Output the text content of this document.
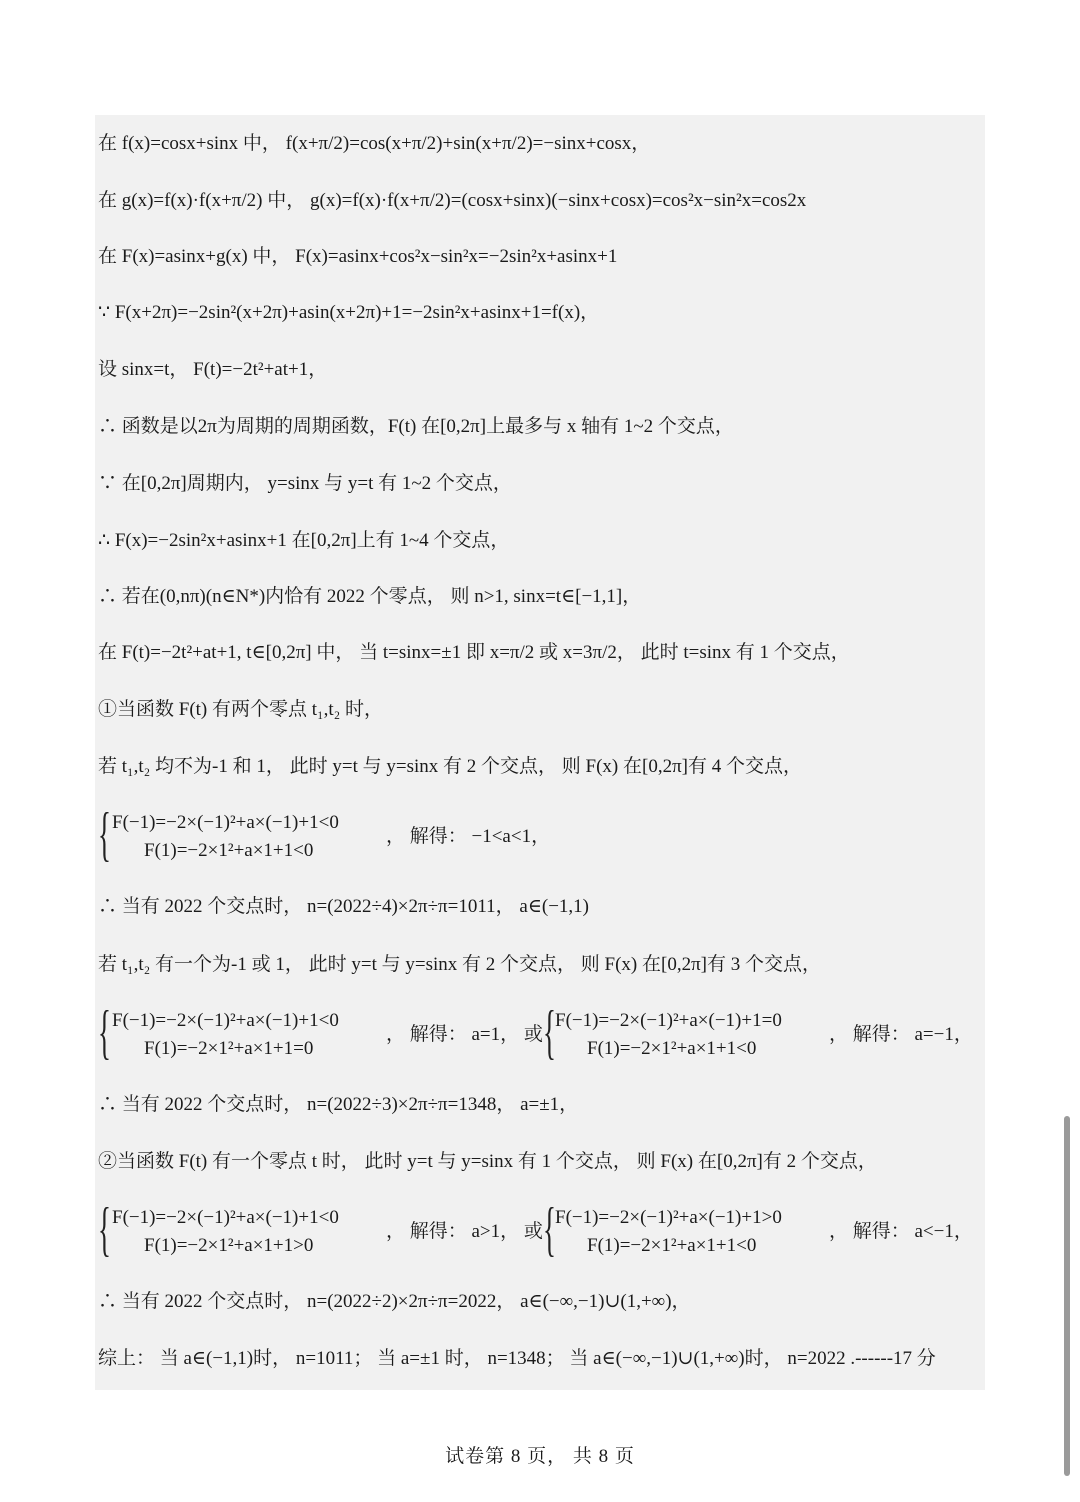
在 f(x)=cosx+sinx 中， f(x+π/2)=cos(x+π/2)+sin(x+π/2)=−sinx+cosx，
在 g(x)=f(x)·f(x+π/2) 中， g(x)=f(x)·f(x+π/2)=(cosx+sinx)(−sinx+cosx)=cos²x−sin²x=cos2x
在 F(x)=asinx+g(x) 中， F(x)=asinx+cos²x−sin²x=−2sin²x+asinx+1
∵ F(x+2π)=−2sin²(x+2π)+asin(x+2π)+1=−2sin²x+asinx+1=f(x)，
设 sinx=t， F(t)=−2t²+at+1，
∴ 函数是以2π为周期的周期函数，F(t) 在[0,2π]上最多与 x 轴有 1~2 个交点，
∵ 在[0,2π]周期内， y=sinx 与 y=t 有 1~2 个交点，
∴ F(x)=−2sin²x+asinx+1 在[0,2π]上有 1~4 个交点，
∴ 若在(0,nπ)(n∈N*)内恰有 2022 个零点， 则 n>1, sinx=t∈[−1,1]，
在 F(t)=−2t²+at+1, t∈[0,2π] 中， 当 t=sinx=±1 即 x=π/2 或 x=3π/2， 此时 t=sinx 有 1 个交点，
①当函数 F(t) 有两个零点 t₁,t₂ 时，
若 t₁,t₂ 均不为-1 和 1， 此时 y=t 与 y=sinx 有 2 个交点， 则 F(x) 在[0,2π]有 4 个交点，
{ F(−1)=−2×(−1)²+a×(−1)+1<0
F(1)=−2×1²+a×1+1<0
， 解得： −1<a<1，
∴ 当有 2022 个交点时， n=(2022÷4)×2π÷π=1011， a∈(−1,1)
若 t₁,t₂ 有一个为-1 或 1， 此时 y=t 与 y=sinx 有 2 个交点， 则 F(x) 在[0,2π]有 3 个交点，
{ F(−1)=−2×(−1)²+a×(−1)+1<0
F(1)=−2×1²+a×1+1=0
， 解得： a=1， 或 { F(−1)=−2×(−1)²+a×(−1)+1=0
F(1)=−2×1²+a×1+1<0
， 解得： a=−1，
∴ 当有 2022 个交点时， n=(2022÷3)×2π÷π=1348， a=±1，
②当函数 F(t) 有一个零点 t 时， 此时 y=t 与 y=sinx 有 1 个交点， 则 F(x) 在[0,2π]有 2 个交点，
{ F(−1)=−2×(−1)²+a×(−1)+1<0
F(1)=−2×1²+a×1+1>0
， 解得： a>1， 或 { F(−1)=−2×(−1)²+a×(−1)+1>0
F(1)=−2×1²+a×1+1<0
， 解得： a<−1，
∴ 当有 2022 个交点时， n=(2022÷2)×2π÷π=2022， a∈(−∞,−1)∪(1,+∞)，
综上： 当 a∈(−1,1)时， n=1011； 当 a=±1 时， n=1348； 当 a∈(−∞,−1)∪(1,+∞)时， n=2022 .------17 分
试卷第 8 页， 共 8 页
